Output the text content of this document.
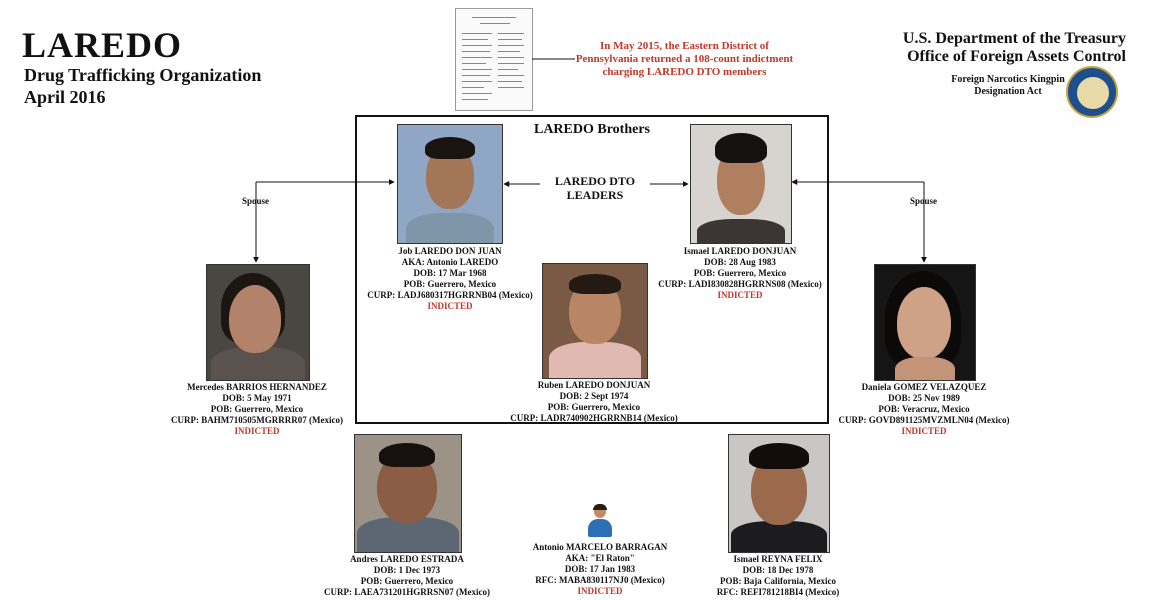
LAREDO
Drug Trafficking Organization
April 2016
U.S. Department of the Treasury
Office of Foreign Assets Control
Foreign Narcotics Kingpin
Designation Act
In May 2015, the Eastern District of Pennsylvania returned a 108-count indictment charging LAREDO DTO members
LAREDO Brothers
LAREDO DTO
LEADERS
Spouse	Spouse
Job LAREDO DON JUAN
AKA: Antonio LAREDO
DOB: 17 Mar 1968
POB: Guerrero, Mexico
CURP: LADJ680317HGRRNB04 (Mexico)
INDICTED
Ismael LAREDO DONJUAN
DOB: 28 Aug 1983
POB: Guerrero, Mexico
CURP: LADI830828HGRRNS08 (Mexico)
INDICTED
Ruben LAREDO DONJUAN
DOB: 2 Sept 1974
POB: Guerrero, Mexico
CURP: LADR740902HGRRNB14 (Mexico)
Mercedes BARRIOS HERNANDEZ
DOB: 5 May 1971
POB: Guerrero, Mexico
CURP: BAHM710505MGRRRR07 (Mexico)
INDICTED
Daniela GOMEZ VELAZQUEZ
DOB: 25 Nov 1989
POB: Veracruz, Mexico
CURP: GOVD891125MVZMLN04 (Mexico)
INDICTED
Andres LAREDO ESTRADA
DOB: 1 Dec 1973
POB: Guerrero, Mexico
CURP: LAEA731201HGRRSN07 (Mexico)
Antonio MARCELO BARRAGAN
AKA: "El Raton"
DOB: 17 Jan 1983
RFC: MABA830117NJ0 (Mexico)
INDICTED
Ismael REYNA FELIX
DOB: 18 Dec 1978
POB: Baja California, Mexico
RFC: REFI781218BI4 (Mexico)
